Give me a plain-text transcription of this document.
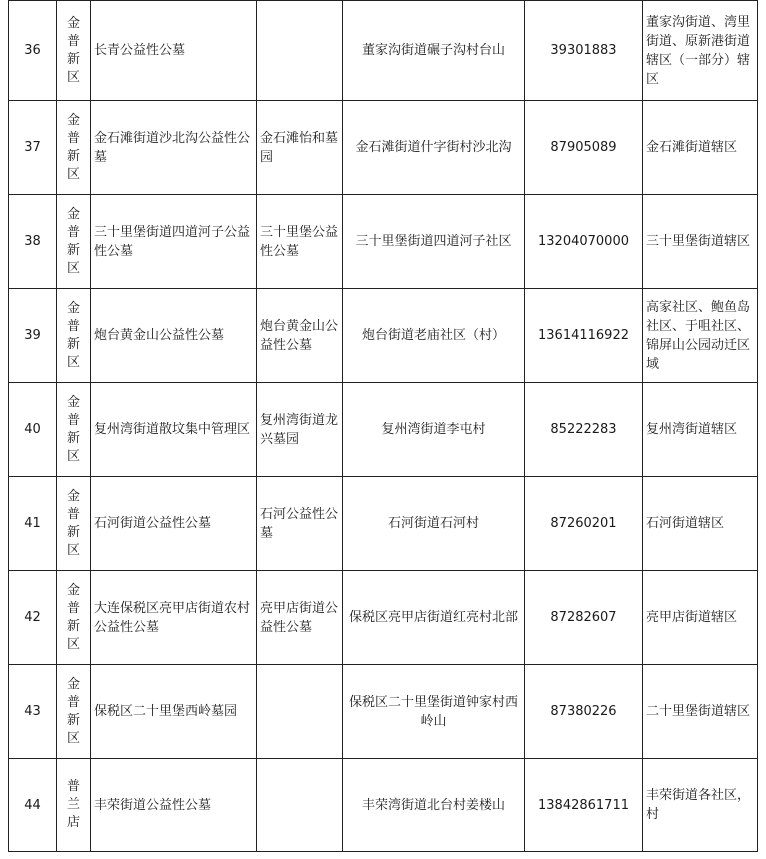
36	金普新区	长青公益性公墓		董家沟街道碾子沟村台山	39301883	董家沟街道、湾里街道、原新港街道辖区（一部分）辖区
37	金普新区	金石滩街道沙北沟公益性公墓	金石滩怡和墓园	金石滩街道什字街村沙北沟	87905089	金石滩街道辖区
38	金普新区	三十里堡街道四道河子公益性公墓	三十里堡公益性公墓	三十里堡街道四道河子社区	13204070000	三十里堡街道辖区
39	金普新区	炮台黄金山公益性公墓	炮台黄金山公益性公墓	炮台街道老庙社区（村）	13614116922	高家社区、鲍鱼岛社区、于咀社区、锦屏山公园动迁区域
40	金普新区	复州湾街道散坟集中管理区	复州湾街道龙兴墓园	复州湾街道李屯村	85222283	复州湾街道辖区
41	金普新区	石河街道公益性公墓	石河公益性公墓	石河街道石河村	87260201	石河街道辖区
42	金普新区	大连保税区亮甲店街道农村公益性公墓	亮甲店街道公益性公墓	保税区亮甲店街道红亮村北部	87282607	亮甲店街道辖区
43	金普新区	保税区二十里堡西岭墓园		保税区二十里堡街道钟家村西岭山	87380226	二十里堡街道辖区
44	普兰店	丰荣街道公益性公墓		丰荣湾街道北台村姜楼山	13842861711	丰荣街道各社区，村
